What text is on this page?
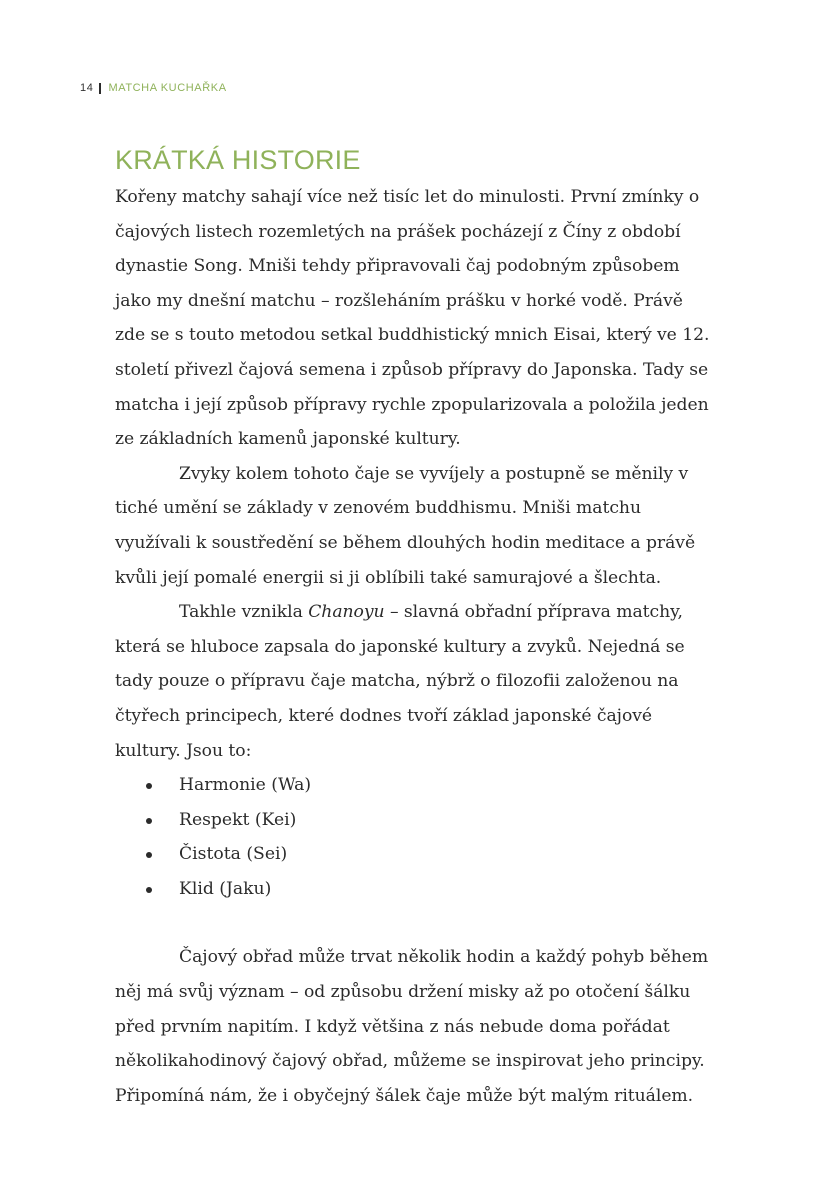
14 MATCHA KUCHAŘKA
KRÁTKÁ HISTORIE

Kořeny matchy sahají více než tisíc let do minulosti. První zmínky o čajových listech rozemletých na prášek pocházejí z Číny z období dynastie Song. Mniši tehdy připravovali čaj podobným způsobem jako my dnešní matchu – rozšleháním prášku v horké vodě. Právě zde se s touto metodou setkal buddhistický mnich Eisai, který ve 12. století přivezl čajová semena i způsob přípravy do Japonska. Tady se matcha i její způsob přípravy rychle zpopularizovala a položila jeden ze základních kamenů japonské kultury.

Zvyky kolem tohoto čaje se vyvíjely a postupně se měnily v tiché umění se základy v zenovém buddhismu. Mniši matchu využívali k soustředění se během dlouhých hodin meditace a právě kvůli její pomalé energii si ji oblíbili také samurajové a šlechta.

Takhle vznikla Chanoyu – slavná obřadní příprava matchy, která se hluboce zapsala do japonské kultury a zvyků. Nejedná se tady pouze o přípravu čaje matcha, nýbrž o filozofii založenou na čtyřech principech, které dodnes tvoří základ japonské čajové kultury. Jsou to:

Harmonie (Wa)
Respekt (Kei)
Čistota (Sei)
Klid (Jaku)

Čajový obřad může trvat několik hodin a každý pohyb během něj má svůj význam – od způsobu držení misky až po otočení šálku před prvním napitím. I když většina z nás nebude doma pořádat několikahodinový čajový obřad, můžeme se inspirovat jeho principy. Připomíná nám, že i obyčejný šálek čaje může být malým rituálem.
